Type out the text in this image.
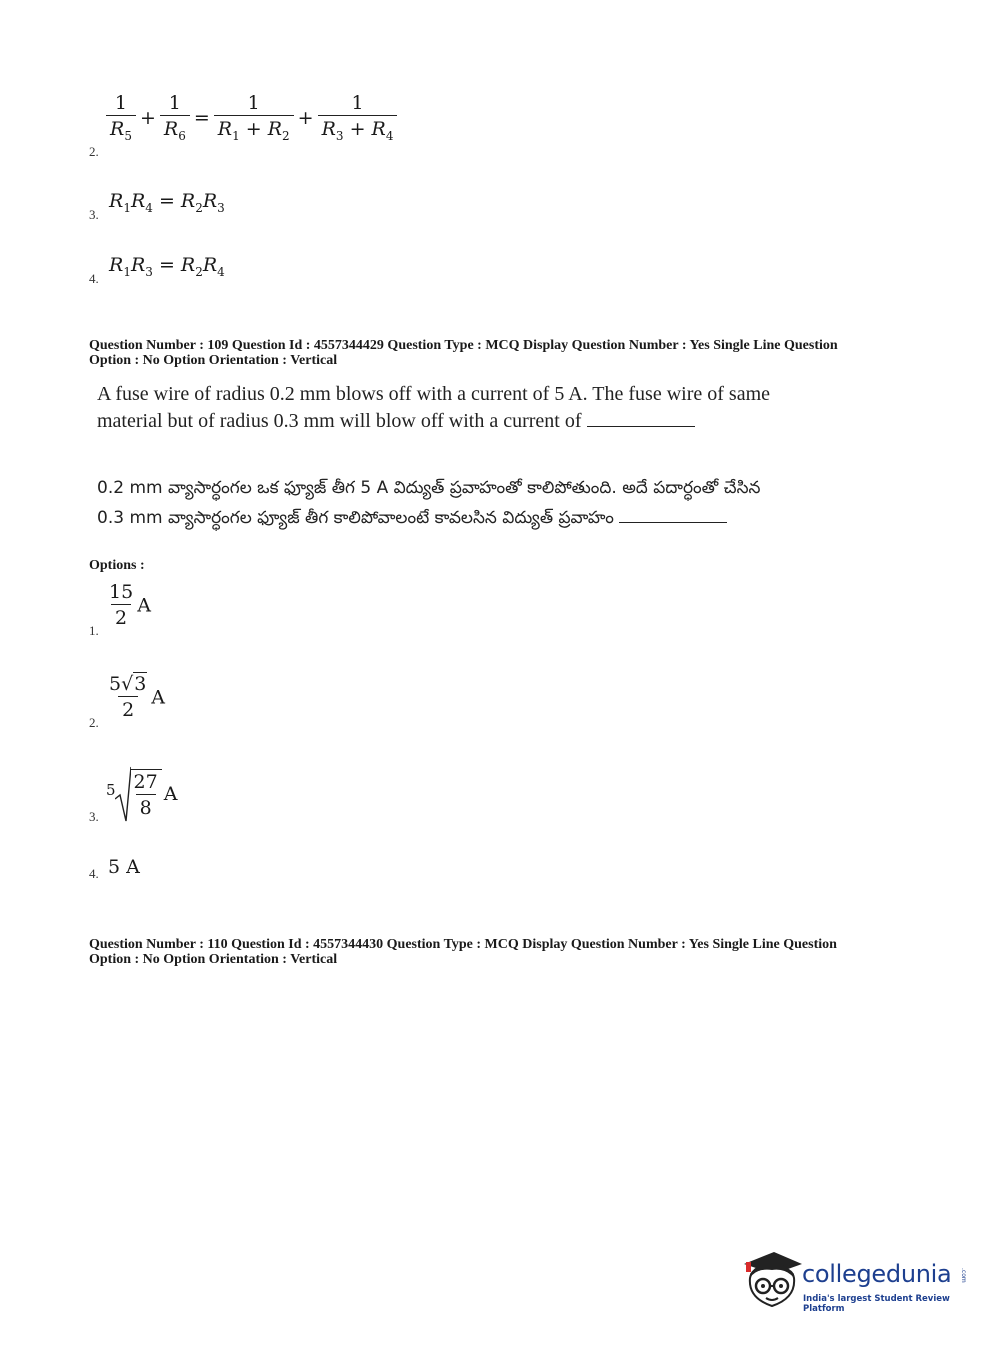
2.
$\frac{1}{R_5} + \frac{1}{R_6} = \frac{1}{R_1 + R_2} + \frac{1}{R_3 + R_4}$
3.
$R_1R_4 = R_2R_3$
4.
$R_1R_3 = R_2R_4$
Question Number : 109 Question Id : 4557344429 Question Type : MCQ Display Question Number : Yes Single Line Question
Option : No Option Orientation : Vertical
A fuse wire of radius 0.2 mm blows off with a current of 5 A. The fuse wire of same
material but of radius 0.3 mm will blow off with a current of
0.2 mm వ్యాసార్ధంగల ఒక ఫ్యూజ్ తీగ 5 A విద్యుత్ ప్రవాహంతో కాలిపోతుంది. అదే పదార్ధంతో చేసిన
0.3 mm వ్యాసార్ధంగల ఫ్యూజ్ తీగ కాలిపోవాలంటే కావలసిన విద్యుత్ ప్రవాహం
Options :
1.
$\frac{15}{2}$ A
2.
$\frac{5√3}{2}$ A
3.
$5 \frac{27}{8}$ A
4. 5 A
Question Number : 110 Question Id : 4557344430 Question Type : MCQ Display Question Number : Yes Single Line Question
Option : No Option Orientation : Vertical
collegedunia .com
India's largest Student Review Platform
